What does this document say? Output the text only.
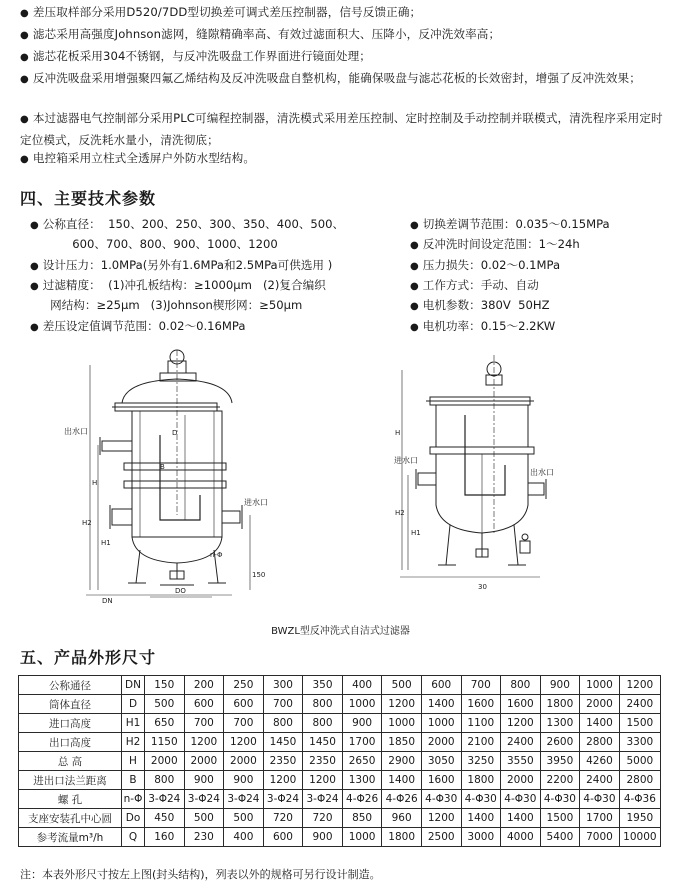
● 差压取样部分采用D520/7DD型切换差可调式差压控制器，信号反馈正确；
● 滤芯采用高强度Johnson滤网，缝隙精确率高、有效过滤面积大、压降小，反冲洗效率高；
● 滤芯花板采用304不锈钢，与反冲洗吸盘工作界面进行镜面处理；
● 反冲洗吸盘采用增强聚四氟乙烯结构及反冲洗吸盘自整机构，能确保吸盘与滤芯花板的长效密封，增强了反冲洗效果；
● 本过滤器电气控制部分采用PLC可编程控制器，清洗模式采用差压控制、定时控制及手动控制并联模式，清洗程序采用定时定位模式，反洗耗水量小，清洗彻底；
● 电控箱采用立柱式全透屏户外防水型结构。
四、主要技术参数
● 公称直径：  150、200、250、300、350、400、500、
600、700、800、900、1000、1200
● 设计压力：1.0MPa(另外有1.6MPa和2.5MPa可供选用 )
● 过滤精度：  (1)冲孔板结构：≥1000μm   (2)复合编织
网结构：≥25μm   (3)Johnson楔形网：≥50μm
● 差压设定值调节范围：0.02～0.16MPa
● 切换差调节范围：0.035～0.15MPa
● 反冲洗时间设定范围：1～24h
● 压力损失：0.02～0.1MPa
● 工作方式：手动、自动
● 电机参数：380V  50HZ
● 电机功率：0.15～2.2KW
出水口
进水口
H2
H1
H
D
B
DO
150
n-Φ
DN
出水口
进水口
30
H2
H1
H
BWZL型反冲洗式自洁式过滤器
五、产品外形尺寸
公称通径	DN	150	200	250	300	350	400	500	600	700	800	900	1000	1200
筒体直径	D	500	600	600	700	800	1000	1200	1400	1600	1600	1800	2000	2400
进口高度	H1	650	700	700	800	800	900	1000	1000	1100	1200	1300	1400	1500
出口高度	H2	1150	1200	1200	1450	1450	1700	1850	2000	2100	2400	2600	2800	3300
总 高	H	2000	2000	2000	2350	2350	2650	2900	3050	3250	3550	3950	4260	5000
进出口法兰距离	B	800	900	900	1200	1200	1300	1400	1600	1800	2000	2200	2400	2800
螺 孔	n-Φ	3-Φ24	3-Φ24	3-Φ24	3-Φ24	3-Φ24	4-Φ26	4-Φ26	4-Φ30	4-Φ30	4-Φ30	4-Φ30	4-Φ30	4-Φ36
支座安装孔中心圆	Do	450	500	500	720	720	850	960	1200	1400	1400	1500	1700	1950
参考流量m³/h	Q	160	230	400	600	900	1000	1800	2500	3000	4000	5400	7000	10000
注：本表外形尺寸按左上图(封头结构)，列表以外的规格可另行设计制造。
